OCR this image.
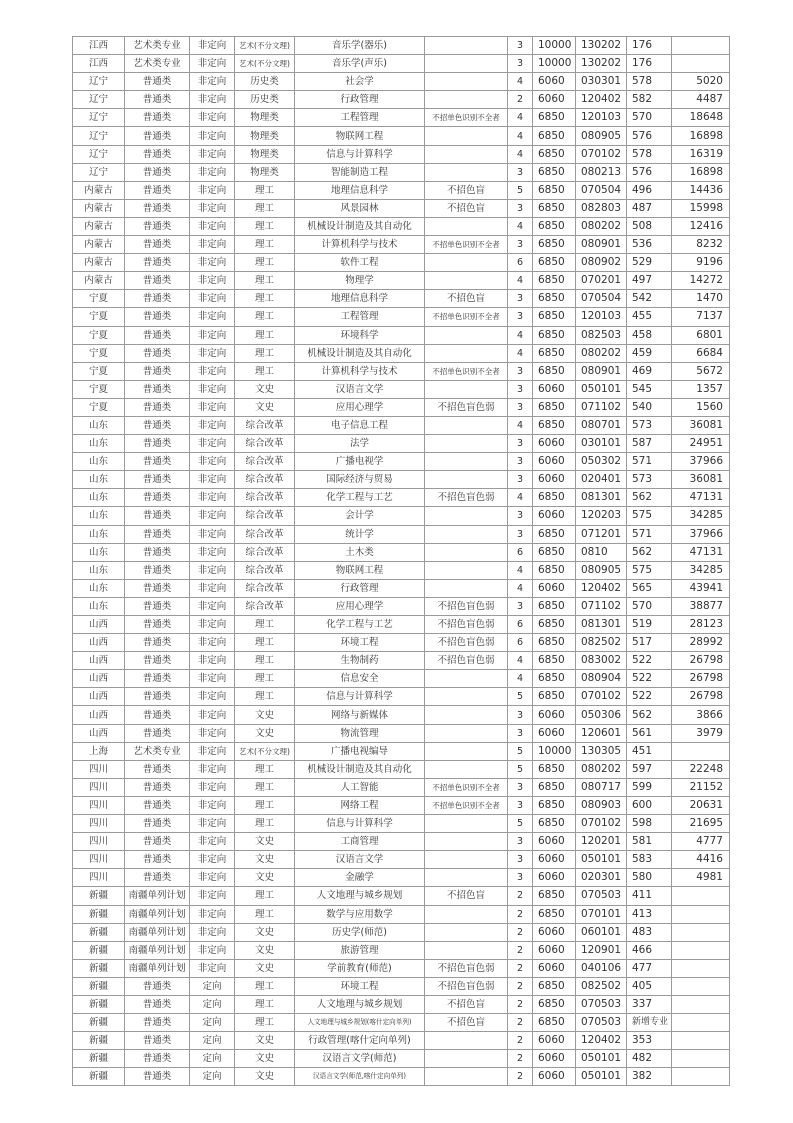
江西	艺术类专业	非定向	艺术(不分文理)	音乐学(器乐)		3	10000	130202	176	
江西	艺术类专业	非定向	艺术(不分文理)	音乐学(声乐)		3	10000	130202	176	
辽宁	普通类	非定向	历史类	社会学		4	6060	030301	578	5020
辽宁	普通类	非定向	历史类	行政管理		2	6060	120402	582	4487
辽宁	普通类	非定向	物理类	工程管理	不招单色识别不全者	4	6850	120103	570	18648
辽宁	普通类	非定向	物理类	物联网工程		4	6850	080905	576	16898
辽宁	普通类	非定向	物理类	信息与计算科学		4	6850	070102	578	16319
辽宁	普通类	非定向	物理类	智能制造工程		3	6850	080213	576	16898
内蒙古	普通类	非定向	理工	地理信息科学	不招色盲	5	6850	070504	496	14436
内蒙古	普通类	非定向	理工	风景园林	不招色盲	3	6850	082803	487	15998
内蒙古	普通类	非定向	理工	机械设计制造及其自动化		4	6850	080202	508	12416
内蒙古	普通类	非定向	理工	计算机科学与技术	不招单色识别不全者	3	6850	080901	536	8232
内蒙古	普通类	非定向	理工	软件工程		6	6850	080902	529	9196
内蒙古	普通类	非定向	理工	物理学		4	6850	070201	497	14272
宁夏	普通类	非定向	理工	地理信息科学	不招色盲	3	6850	070504	542	1470
宁夏	普通类	非定向	理工	工程管理	不招单色识别不全者	3	6850	120103	455	7137
宁夏	普通类	非定向	理工	环境科学		4	6850	082503	458	6801
宁夏	普通类	非定向	理工	机械设计制造及其自动化		4	6850	080202	459	6684
宁夏	普通类	非定向	理工	计算机科学与技术	不招单色识别不全者	3	6850	080901	469	5672
宁夏	普通类	非定向	文史	汉语言文学		3	6060	050101	545	1357
宁夏	普通类	非定向	文史	应用心理学	不招色盲色弱	3	6850	071102	540	1560
山东	普通类	非定向	综合改革	电子信息工程		4	6850	080701	573	36081
山东	普通类	非定向	综合改革	法学		3	6060	030101	587	24951
山东	普通类	非定向	综合改革	广播电视学		3	6060	050302	571	37966
山东	普通类	非定向	综合改革	国际经济与贸易		3	6060	020401	573	36081
山东	普通类	非定向	综合改革	化学工程与工艺	不招色盲色弱	4	6850	081301	562	47131
山东	普通类	非定向	综合改革	会计学		3	6060	120203	575	34285
山东	普通类	非定向	综合改革	统计学		3	6850	071201	571	37966
山东	普通类	非定向	综合改革	土木类		6	6850	0810	562	47131
山东	普通类	非定向	综合改革	物联网工程		4	6850	080905	575	34285
山东	普通类	非定向	综合改革	行政管理		4	6060	120402	565	43941
山东	普通类	非定向	综合改革	应用心理学	不招色盲色弱	3	6850	071102	570	38877
山西	普通类	非定向	理工	化学工程与工艺	不招色盲色弱	6	6850	081301	519	28123
山西	普通类	非定向	理工	环境工程	不招色盲色弱	6	6850	082502	517	28992
山西	普通类	非定向	理工	生物制药	不招色盲色弱	4	6850	083002	522	26798
山西	普通类	非定向	理工	信息安全		4	6850	080904	522	26798
山西	普通类	非定向	理工	信息与计算科学		5	6850	070102	522	26798
山西	普通类	非定向	文史	网络与新媒体		3	6060	050306	562	3866
山西	普通类	非定向	文史	物流管理		3	6060	120601	561	3979
上海	艺术类专业	非定向	艺术(不分文理)	广播电视编导		5	10000	130305	451	
四川	普通类	非定向	理工	机械设计制造及其自动化		5	6850	080202	597	22248
四川	普通类	非定向	理工	人工智能	不招单色识别不全者	3	6850	080717	599	21152
四川	普通类	非定向	理工	网络工程	不招单色识别不全者	3	6850	080903	600	20631
四川	普通类	非定向	理工	信息与计算科学		5	6850	070102	598	21695
四川	普通类	非定向	文史	工商管理		3	6060	120201	581	4777
四川	普通类	非定向	文史	汉语言文学		3	6060	050101	583	4416
四川	普通类	非定向	文史	金融学		3	6060	020301	580	4981
新疆	南疆单列计划	非定向	理工	人文地理与城乡规划	不招色盲	2	6850	070503	411	
新疆	南疆单列计划	非定向	理工	数学与应用数学		2	6850	070101	413	
新疆	南疆单列计划	非定向	文史	历史学(师范)		2	6060	060101	483	
新疆	南疆单列计划	非定向	文史	旅游管理		2	6060	120901	466	
新疆	南疆单列计划	非定向	文史	学前教育(师范)	不招色盲色弱	2	6060	040106	477	
新疆	普通类	定向	理工	环境工程	不招色盲色弱	2	6850	082502	405	
新疆	普通类	定向	理工	人文地理与城乡规划	不招色盲	2	6850	070503	337	
新疆	普通类	定向	理工	人文地理与城乡规划(喀什定向单列)	不招色盲	2	6850	070503	新增专业	
新疆	普通类	定向	文史	行政管理(喀什定向单列)		2	6060	120402	353	
新疆	普通类	定向	文史	汉语言文学(师范)		2	6060	050101	482	
新疆	普通类	定向	文史	汉语言文学(师范,喀什定向单列)		2	6060	050101	382	
